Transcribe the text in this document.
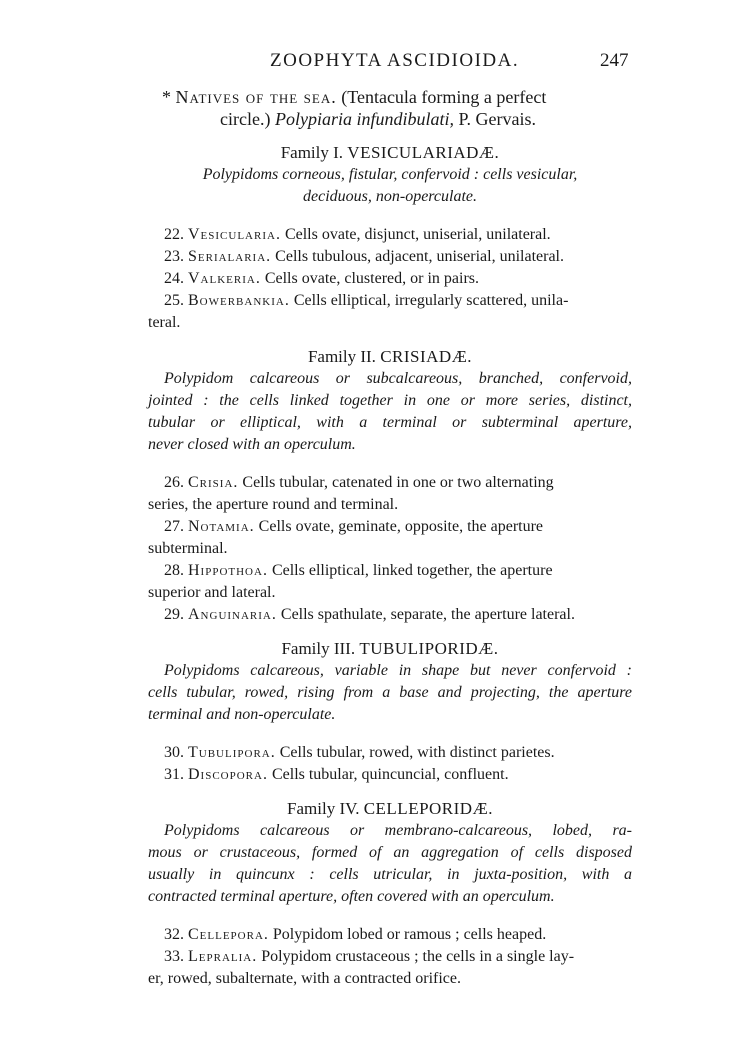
ZOOPHYTA ASCIDIOIDA.	247
* Natives of the sea. (Tentacula forming a perfect
circle.) Polypiaria infundibulati, P. Gervais.
Family I. VESICULARIADÆ.
Polypidoms corneous, fistular, confervoid : cells vesicular,
deciduous, non-operculate.
22. Vesicularia. Cells ovate, disjunct, uniserial, unilateral.
23. Serialaria. Cells tubulous, adjacent, uniserial, unilateral.
24. Valkeria. Cells ovate, clustered, or in pairs.
25. Bowerbankia. Cells elliptical, irregularly scattered, unila-
teral.
Family II. CRISIADÆ.
Polypidom calcareous or subcalcareous, branched, confervoid,
jointed : the cells linked together in one or more series, distinct,
tubular or elliptical, with a terminal or subterminal aperture,
never closed with an operculum.
26. Crisia. Cells tubular, catenated in one or two alternating
series, the aperture round and terminal.
27. Notamia. Cells ovate, geminate, opposite, the aperture
subterminal.
28. Hippothoa. Cells elliptical, linked together, the aperture
superior and lateral.
29. Anguinaria. Cells spathulate, separate, the aperture lateral.
Family III. TUBULIPORIDÆ.
Polypidoms calcareous, variable in shape but never confervoid :
cells tubular, rowed, rising from a base and projecting, the aperture
terminal and non-operculate.
30. Tubulipora. Cells tubular, rowed, with distinct parietes.
31. Discopora. Cells tubular, quincuncial, confluent.
Family IV. CELLEPORIDÆ.
Polypidoms calcareous or membrano-calcareous, lobed, ra-
mous or crustaceous, formed of an aggregation of cells disposed
usually in quincunx : cells utricular, in juxta-position, with a
contracted terminal aperture, often covered with an operculum.
32. Cellepora. Polypidom lobed or ramous ; cells heaped.
33. Lepralia. Polypidom crustaceous ; the cells in a single lay-
er, rowed, subalternate, with a contracted orifice.
